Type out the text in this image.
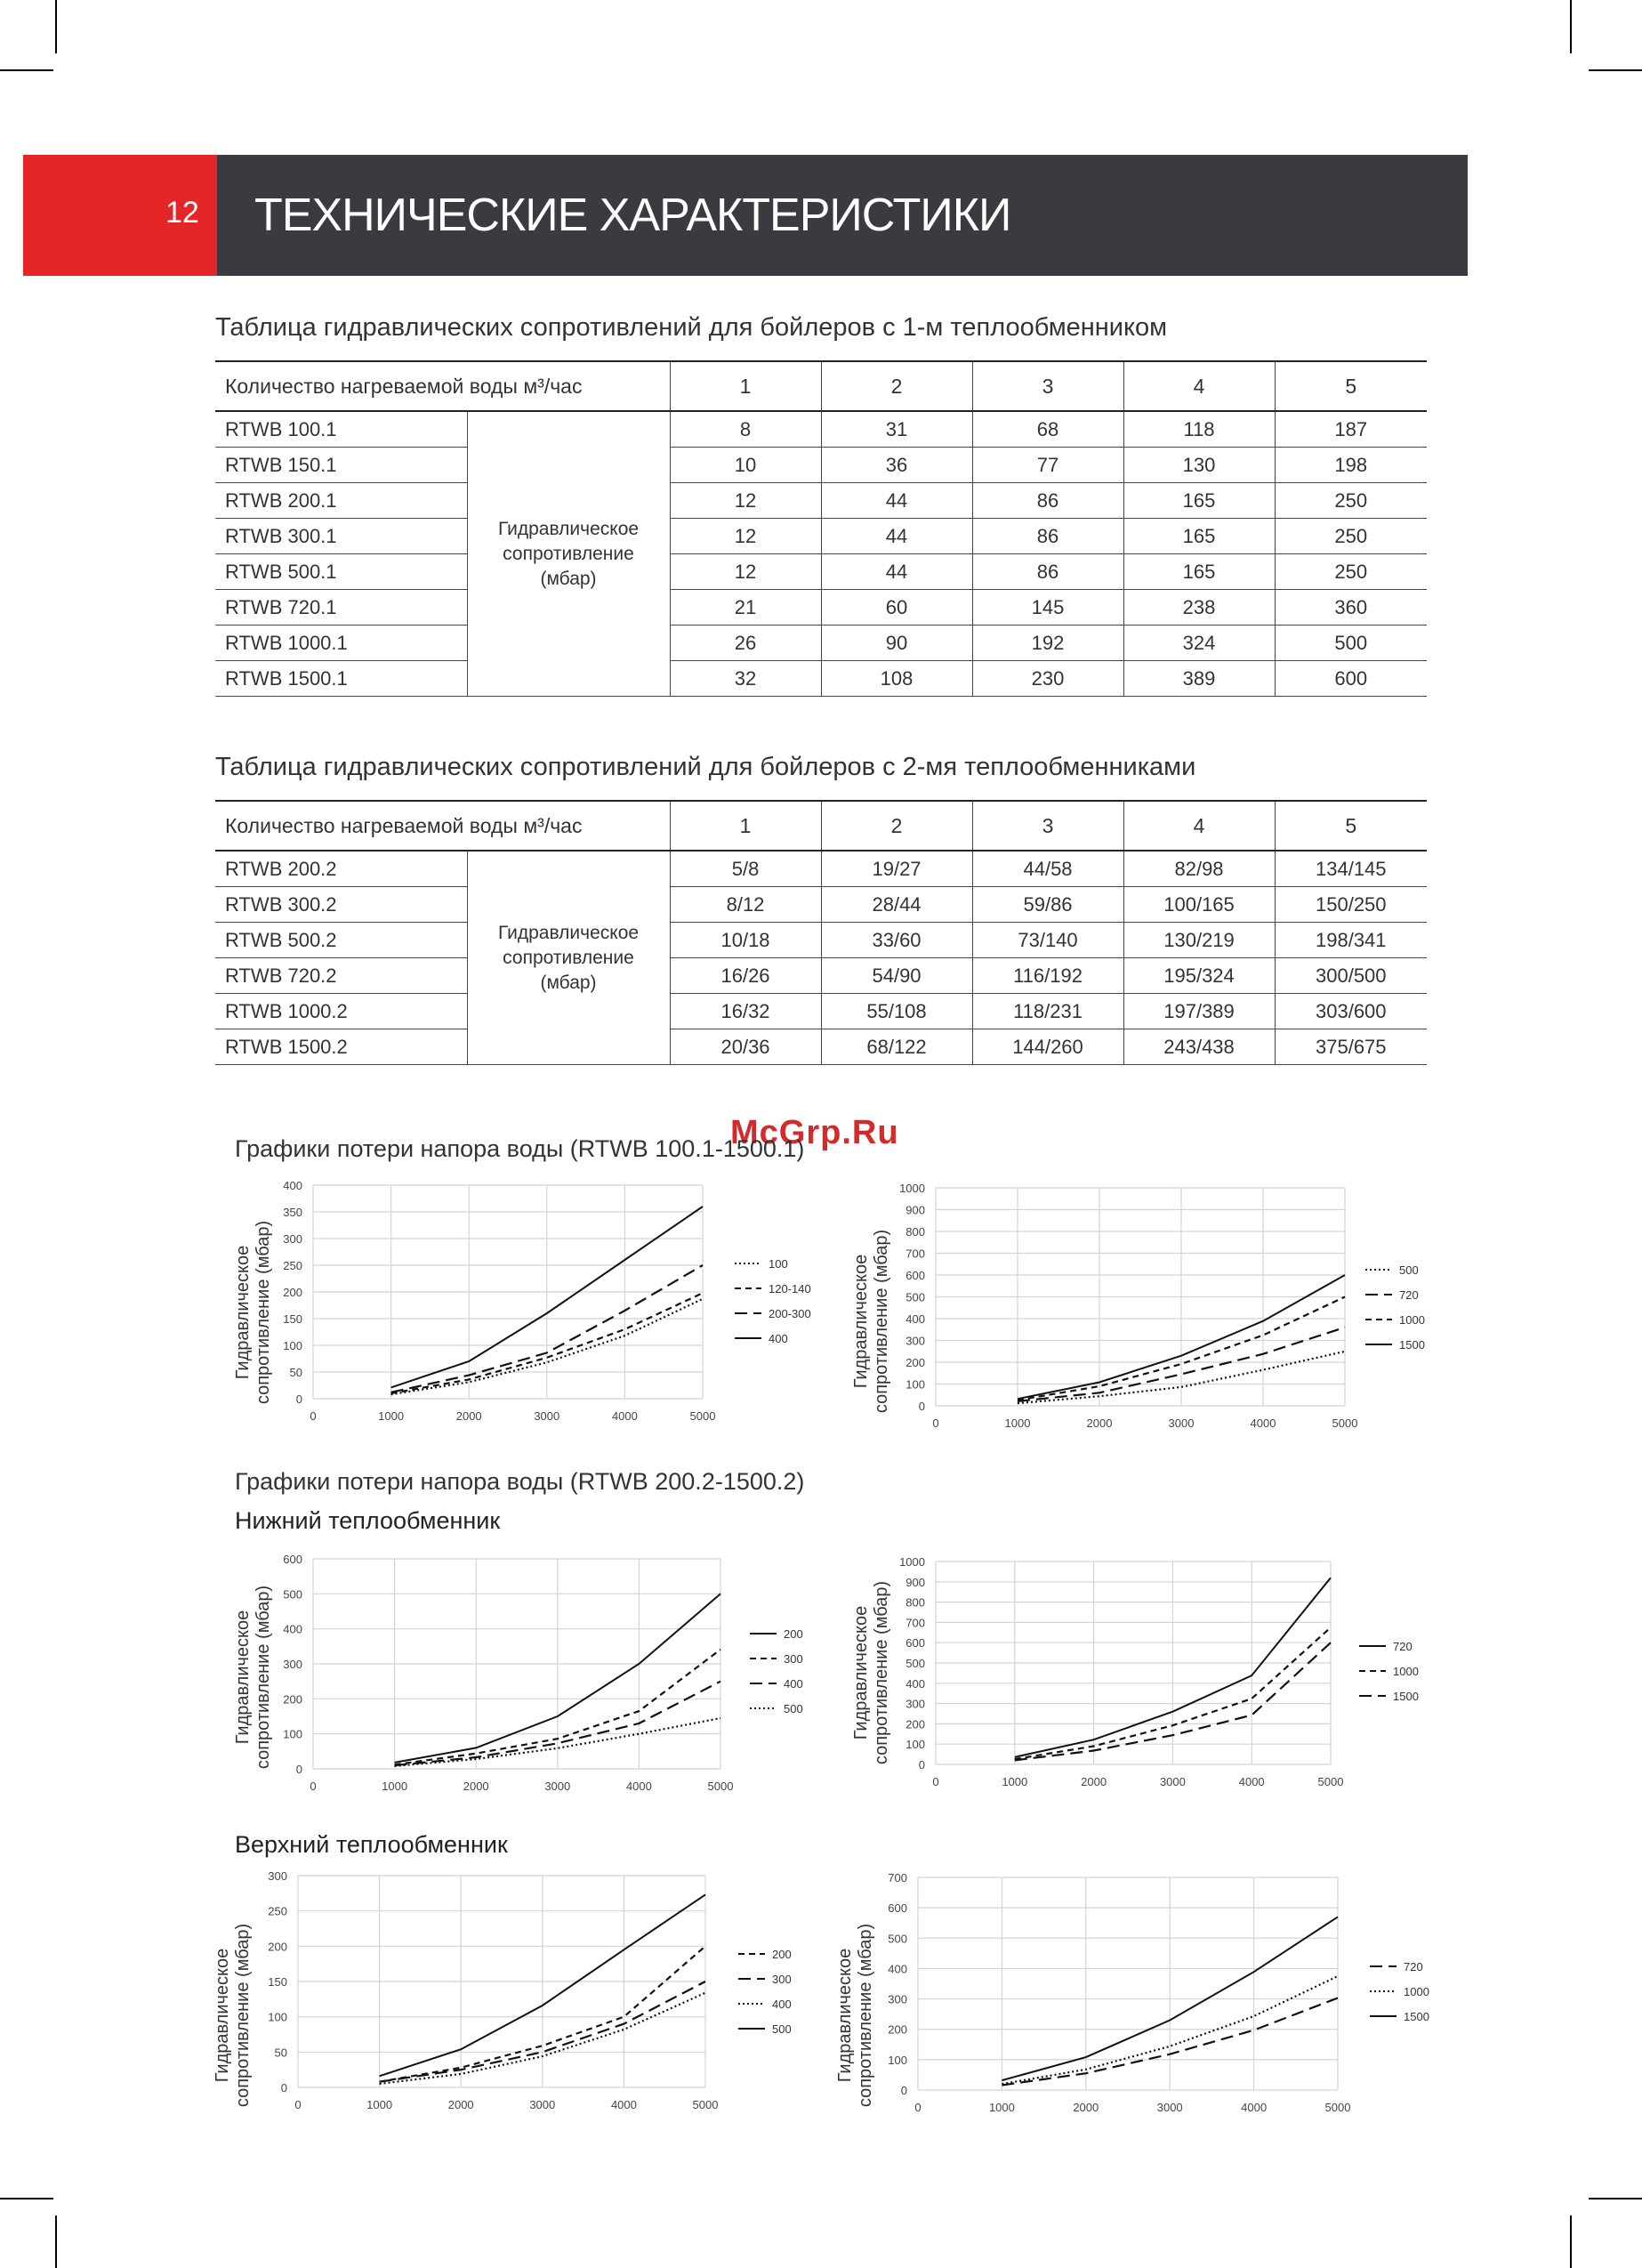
12 ТЕХНИЧЕСКИЕ ХАРАКТЕРИСТИКИ
Таблица гидравлических сопротивлений для бойлеров с 1-м теплообменником
Количество нагреваемой воды м³/час		1	2	3	4	5
RTWB 100.1	Гидравлическое
сопротивление
(мбар)	8	31	68	118	187
RTWB 150.1		10	36	77	130	198
RTWB 200.1		12	44	86	165	250
RTWB 300.1		12	44	86	165	250
RTWB 500.1		12	44	86	165	250
RTWB 720.1		21	60	145	238	360
RTWB 1000.1		26	90	192	324	500
RTWB 1500.1		32	108	230	389	600
Таблица гидравлических сопротивлений для бойлеров с 2-мя теплообменниками
Количество нагреваемой воды м³/час		1	2	3	4	5
RTWB 200.2	Гидравлическое
сопротивление
(мбар)	5/8	19/27	44/58	82/98	134/145
RTWB 300.2		8/12	28/44	59/86	100/165	150/250
RTWB 500.2		10/18	33/60	73/140	130/219	198/341
RTWB 720.2		16/26	54/90	116/192	195/324	300/500
RTWB 1000.2		16/32	55/108	118/231	197/389	303/600
RTWB 1500.2		20/36	68/122	144/260	243/438	375/675
McGrp.Ru
Графики потери напора воды (RTWB 100.1-1500.1)
Графики потери напора воды (RTWB 200.2-1500.2)
Нижний теплообменник
Верхний теплообменник
0
50
100
150
200
250
300
350
400
0	1000	2000	3000	4000	5000
100
120-140
200-300
400
0
100
200
300
400
500
600
700
800
900
1000
0	1000	2000	3000	4000	5000
500
720
1000
1500
0
100
200
300
400
500
600
0	1000	2000	3000	4000	5000
200
300
400
500
0
100
200
300
400
500
600
700
800
900
1000
0	1000	2000	3000	4000	5000
720
1000
1500
0
50
100
150
200
250
300
0	1000	2000	3000	4000	5000
200
300
400
500
0
100
200
300
400
500
600
700
0	1000	2000	3000	4000	5000
720
1000
1500
Гидравлическое
сопротивление (мбар)	Гидравлическое
сопротивление (мбар)
Гидравлическое
сопротивление (мбар)	Гидравлическое
сопротивление (мбар)
Гидравлическое
сопротивление (мбар)	Гидравлическое
сопротивление (мбар)
